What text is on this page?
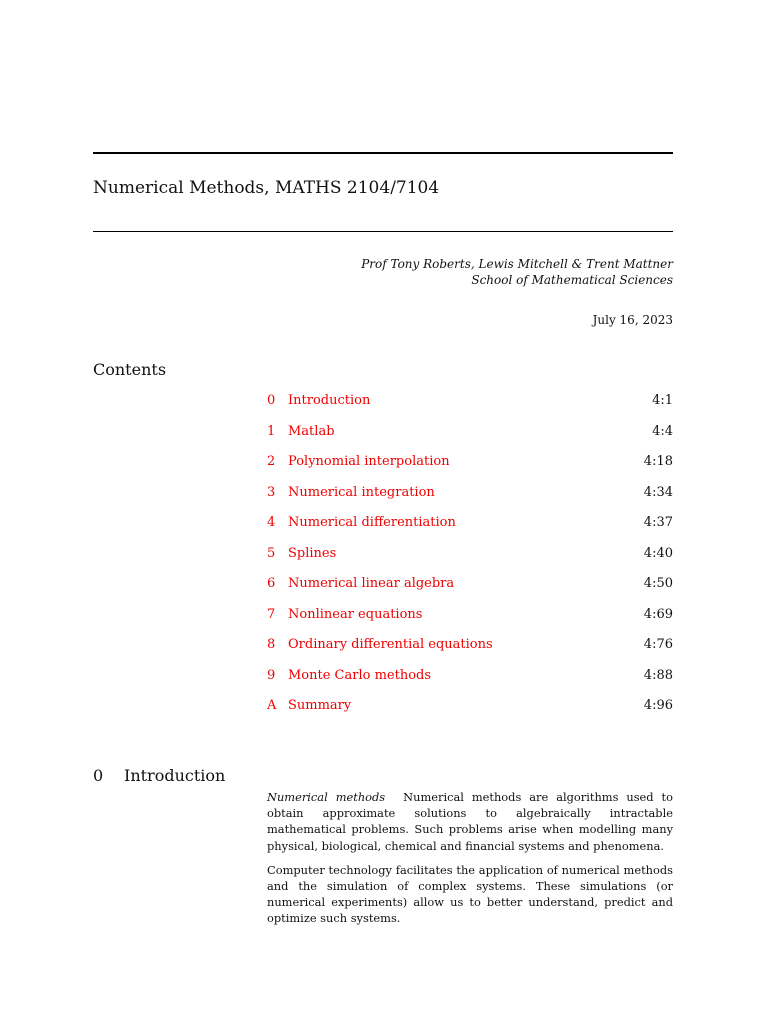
Numerical Methods, MATHS 2104/7104
Prof Tony Roberts, Lewis Mitchell & Trent Mattner
School of Mathematical Sciences
July 16, 2023
Contents
0 Introduction	4:1
1 Matlab	4:4
2 Polynomial interpolation	4:18
3 Numerical integration	4:34
4 Numerical differentiation	4:37
5 Splines	4:40
6 Numerical linear algebra	4:50
7 Nonlinear equations	4:69
8 Ordinary differential equations	4:76
9 Monte Carlo methods	4:88
A Summary	4:96
0 Introduction

Numerical methods Numerical methods are algorithms used to obtain approximate solutions to algebraically intractable mathematical problems. Such problems arise when modelling many physical, biological, chemical and financial systems and phenomena.

Computer technology facilitates the application of numerical methods and the simulation of complex systems. These simulations (or numerical experiments) allow us to better understand, predict and optimize such systems.
